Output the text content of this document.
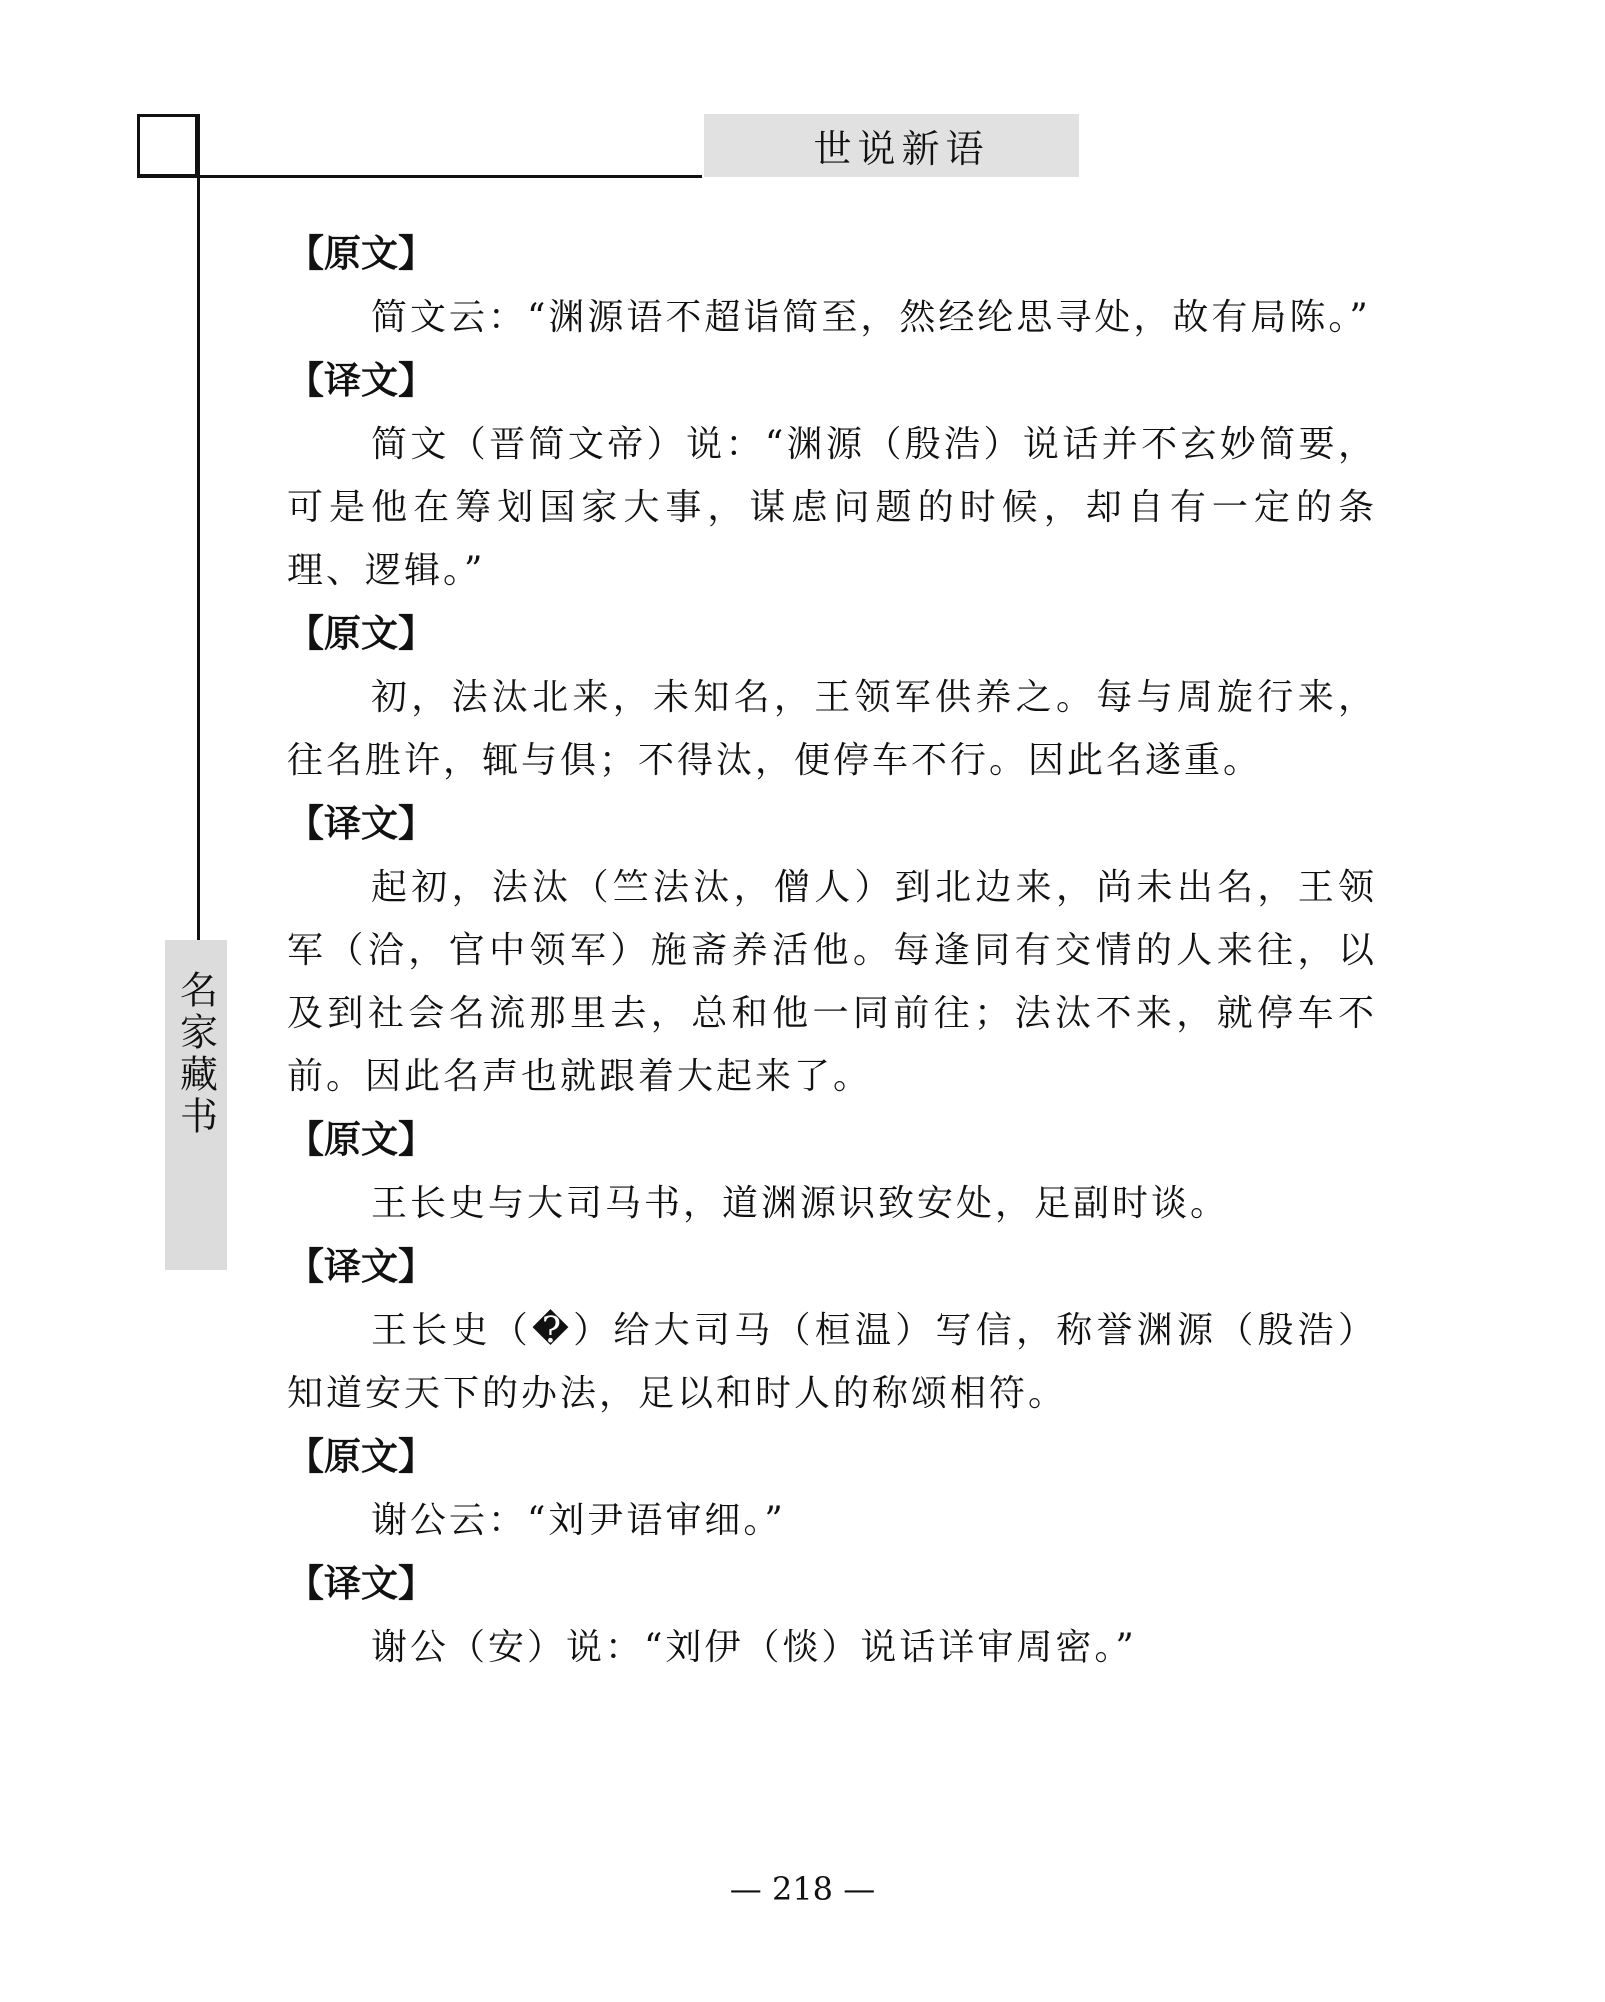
世说新语
名家藏书
【原文】

简文云：“渊源语不超诣简至，然经纶思寻处，故有局陈。”

【译文】

简文（晋简文帝）说：“渊源（殷浩）说话并不玄妙简要，可是他在筹划国家大事，谋虑问题的时候，却自有一定的条理、逻辑。”

【原文】

初，法汰北来，未知名，王领军供养之。每与周旋行来，往名胜许，辄与俱；不得汰，便停车不行。因此名遂重。

【译文】

起初，法汰（竺法汰，僧人）到北边来，尚未出名，王领军（洽，官中领军）施斋养活他。每逢同有交情的人来往，以及到社会名流那里去，总和他一同前往；法汰不来，就停车不前。因此名声也就跟着大起来了。

【原文】

王长史与大司马书，道渊源识致安处，足副时谈。

【译文】

王长史（�）给大司马（桓温）写信，称誉渊源（殷浩）知道安天下的办法，足以和时人的称颂相符。

【原文】

谢公云：“刘尹语审细。”

【译文】

谢公（安）说：“刘伊（惔）说话详审周密。”

— 218 —
